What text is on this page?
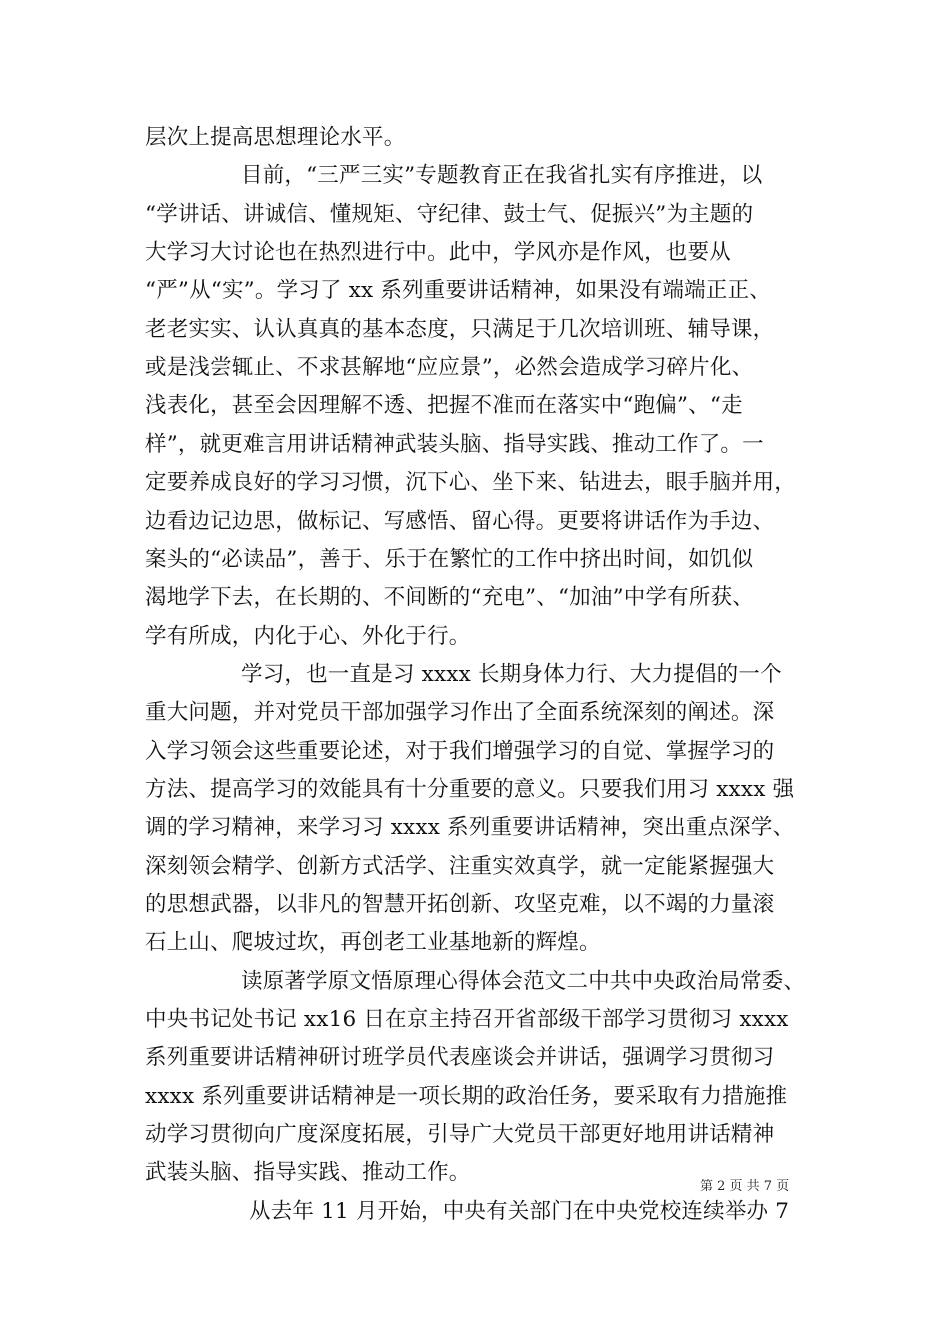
层次上提高思想理论水平。
目前，“三严三实”专题教育正在我省扎实有序推进，以
“学讲话、讲诚信、懂规矩、守纪律、鼓士气、促振兴”为主题的
大学习大讨论也在热烈进行中。此中，学风亦是作风，也要从
“严”从“实”。学习了 xx 系列重要讲话精神，如果没有端端正正、
老老实实、认认真真的基本态度，只满足于几次培训班、辅导课，
或是浅尝辄止、不求甚解地“应应景”，必然会造成学习碎片化、
浅表化，甚至会因理解不透、把握不准而在落实中“跑偏”、“走
样”，就更难言用讲话精神武装头脑、指导实践、推动工作了。一
定要养成良好的学习习惯，沉下心、坐下来、钻进去，眼手脑并用，
边看边记边思，做标记、写感悟、留心得。更要将讲话作为手边、
案头的“必读品”，善于、乐于在繁忙的工作中挤出时间，如饥似
渴地学下去，在长期的、不间断的“充电”、“加油”中学有所获、
学有所成，内化于心、外化于行。
学习，也一直是习 xxxx 长期身体力行、大力提倡的一个
重大问题，并对党员干部加强学习作出了全面系统深刻的阐述。深
入学习领会这些重要论述，对于我们增强学习的自觉、掌握学习的
方法、提高学习的效能具有十分重要的意义。只要我们用习 xxxx 强
调的学习精神，来学习习 xxxx 系列重要讲话精神，突出重点深学、
深刻领会精学、创新方式活学、注重实效真学，就一定能紧握强大
的思想武器，以非凡的智慧开拓创新、攻坚克难，以不竭的力量滚
石上山、爬坡过坎，再创老工业基地新的辉煌。
读原著学原文悟原理心得体会范文二中共中央政治局常委、
中央书记处书记 xx16 日在京主持召开省部级干部学习贯彻习 xxxx
系列重要讲话精神研讨班学员代表座谈会并讲话，强调学习贯彻习
xxxx 系列重要讲话精神是一项长期的政治任务，要采取有力措施推
动学习贯彻向广度深度拓展，引导广大党员干部更好地用讲话精神
武装头脑、指导实践、推动工作。
从去年 11 月开始，中央有关部门在中央党校连续举办 7
第 2 页 共 7 页
